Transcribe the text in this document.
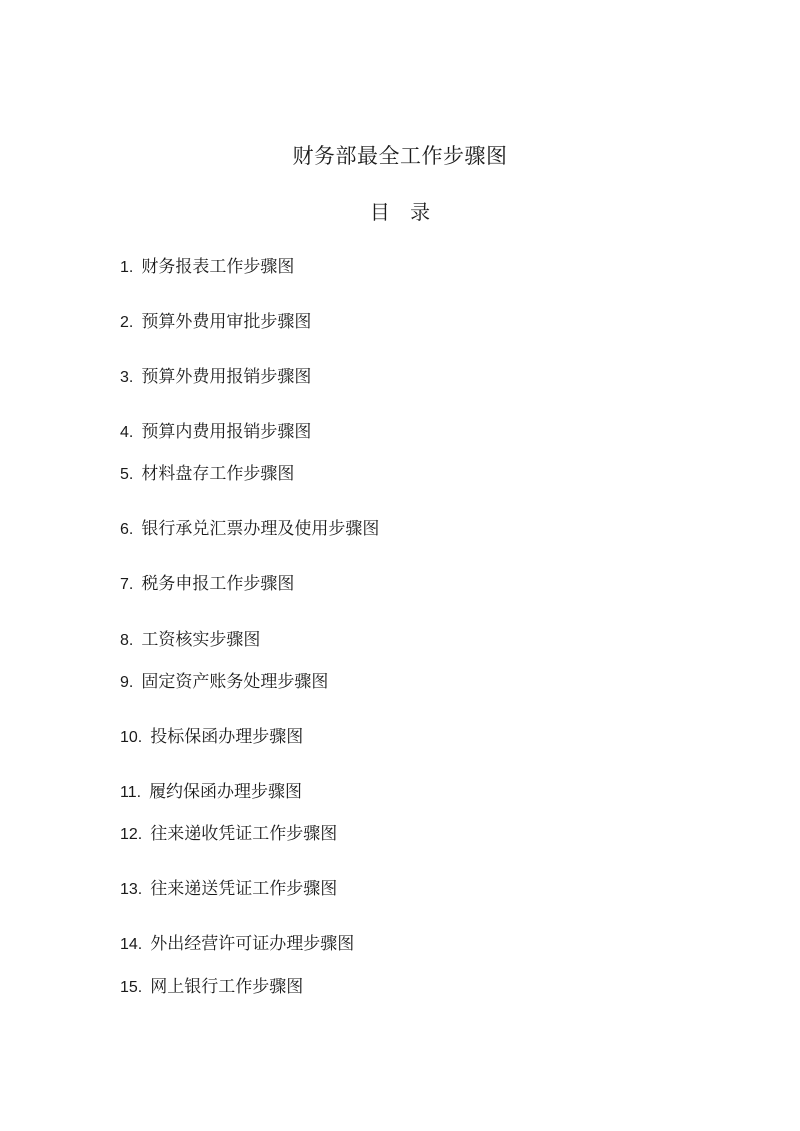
财务部最全工作步骤图
目 录
1. 财务报表工作步骤图
2. 预算外费用审批步骤图
3. 预算外费用报销步骤图
4. 预算内费用报销步骤图
5. 材料盘存工作步骤图
6. 银行承兑汇票办理及使用步骤图
7. 税务申报工作步骤图
8. 工资核实步骤图
9. 固定资产账务处理步骤图
10. 投标保函办理步骤图
11. 履约保函办理步骤图
12. 往来递收凭证工作步骤图
13. 往来递送凭证工作步骤图
14. 外出经营许可证办理步骤图
15. 网上银行工作步骤图
